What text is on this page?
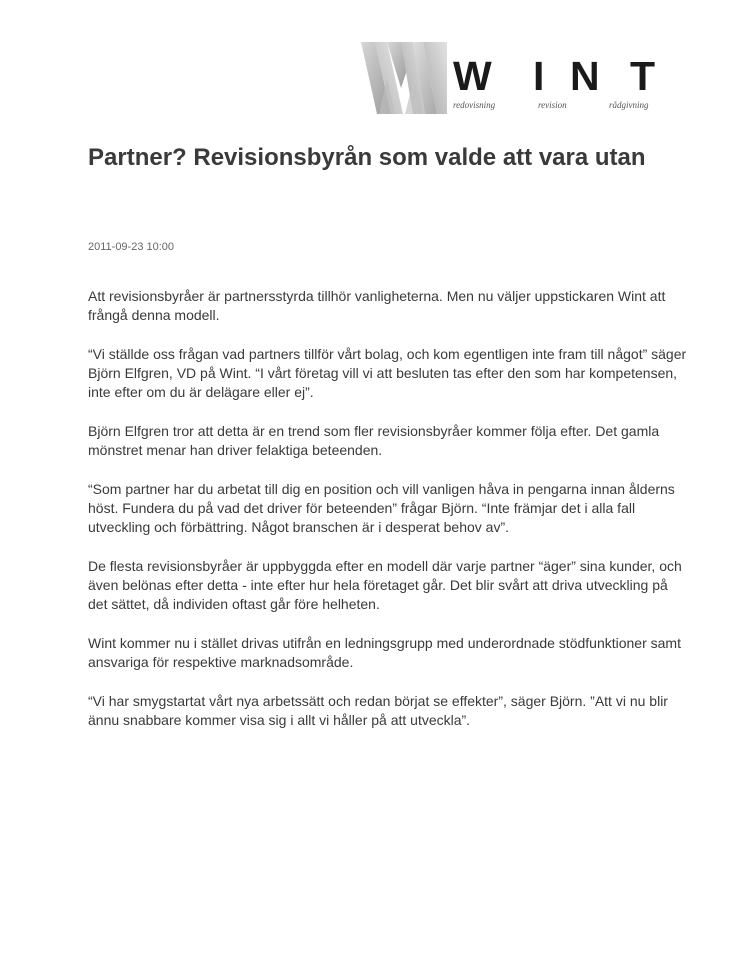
W I N T
redovisning	revision	rådgivning
Partner? Revisionsbyrån som valde att vara utan
2011-09-23 10:00

Att revisionsbyråer är partnersstyrda tillhör vanligheterna. Men nu väljer uppstickaren Wint att frångå denna modell.

“Vi ställde oss frågan vad partners tillför vårt bolag, och kom egentligen inte fram till något” säger Björn Elfgren, VD på Wint. “I vårt företag vill vi att besluten tas efter den som har kompetensen, inte efter om du är delägare eller ej”.

Björn Elfgren tror att detta är en trend som fler revisionsbyråer kommer följa efter. Det gamla mönstret menar han driver felaktiga beteenden.

“Som partner har du arbetat till dig en position och vill vanligen håva in pengarna innan ålderns höst. Fundera du på vad det driver för beteenden” frågar Björn. “Inte främjar det i alla fall utveckling och förbättring. Något branschen är i desperat behov av”.

De flesta revisionsbyråer är uppbyggda efter en modell där varje partner “äger” sina kunder, och även belönas efter detta - inte efter hur hela företaget går. Det blir svårt att driva utveckling på det sättet, då individen oftast går före helheten.

Wint kommer nu i stället drivas utifrån en ledningsgrupp med underordnade stödfunktioner samt ansvariga för respektive marknadsområde.

“Vi har smygstartat vårt nya arbetssätt och redan börjat se effekter”, säger Björn. ”Att vi nu blir ännu snabbare kommer visa sig i allt vi håller på att utveckla”.
